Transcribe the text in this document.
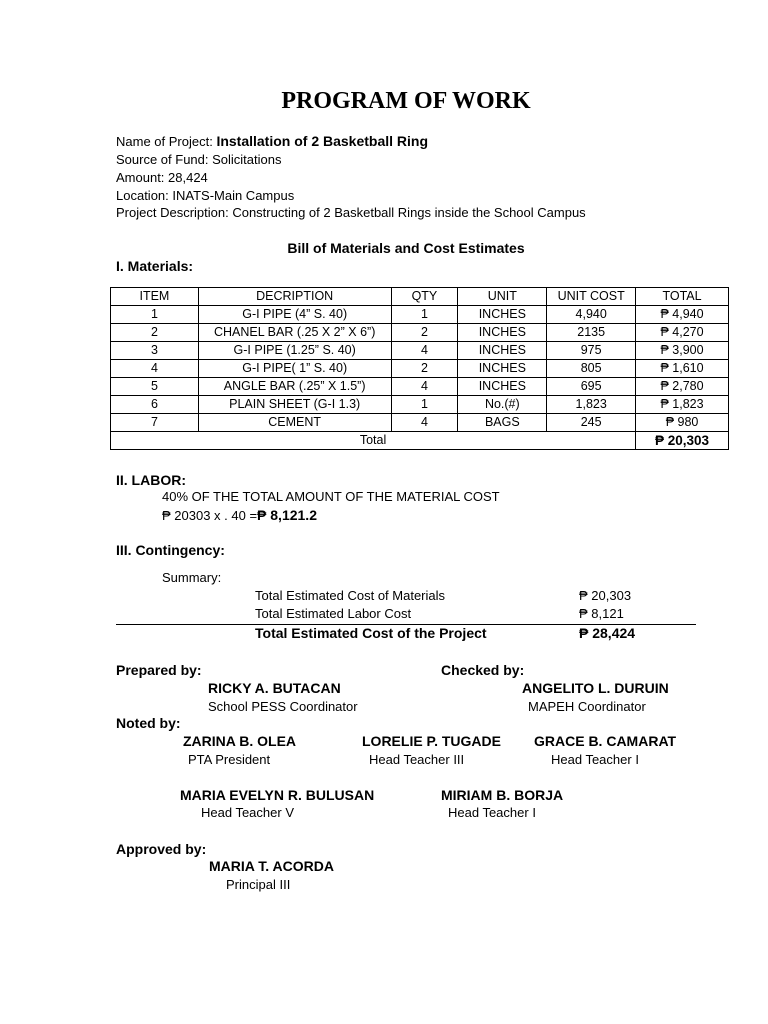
PROGRAM OF WORK
Name of Project: Installation of 2 Basketball Ring
Source of Fund: Solicitations
Amount: 28,424
Location: INATS-Main Campus
Project Description: Constructing of 2 Basketball Rings inside the School Campus
Bill of Materials and Cost Estimates
I. Materials:
ITEM	DECRIPTION	QTY	UNIT	UNIT COST	TOTAL
1	G-I PIPE (4” S. 40)	1	INCHES	4,940	₱ 4,940
2	CHANEL BAR (.25 X 2” X 6”)	2	INCHES	2135	₱ 4,270
3	G-I PIPE (1.25” S. 40)	4	INCHES	975	₱ 3,900
4	G-I PIPE( 1” S. 40)	2	INCHES	805	₱ 1,610
5	ANGLE BAR (.25” X 1.5”)	4	INCHES	695	₱ 2,780
6	PLAIN SHEET (G-I 1.3)	1	No.(#)	1,823	₱ 1,823
7	CEMENT	4	BAGS	245	₱ 980
Total					₱ 20,303
II. LABOR:
40% OF THE TOTAL AMOUNT OF THE MATERIAL COST
₱ 20303 x . 40 =₱ 8,121.2
III. Contingency:
Summary:
Total Estimated Cost of Materials	₱ 20,303
Total Estimated Labor Cost	₱ 8,121
Total Estimated Cost of the Project	₱ 28,424
Prepared by:	Checked by:
RICKY A. BUTACAN	ANGELITO L. DURUIN
School PESS Coordinator	MAPEH Coordinator
Noted by:
ZARINA B. OLEA	LORELIE P. TUGADE GRACE B. CAMARAT
PTA President	Head Teacher III	Head Teacher I
MARIA EVELYN R. BULUSAN	MIRIAM B. BORJA
Head Teacher V	Head Teacher I
Approved by:
MARIA T. ACORDA
Principal III
